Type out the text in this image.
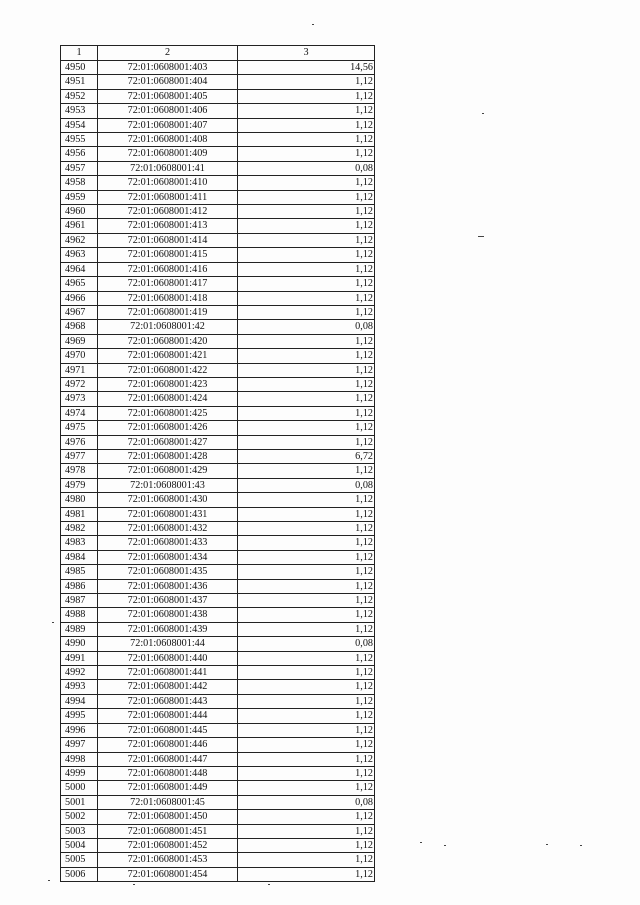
1	2	3
4950	72:01:0608001:403	14,56
4951	72:01:0608001:404	1,12
4952	72:01:0608001:405	1,12
4953	72:01:0608001:406	1,12
4954	72:01:0608001:407	1,12
4955	72:01:0608001:408	1,12
4956	72:01:0608001:409	1,12
4957	72:01:0608001:41	0,08
4958	72:01:0608001:410	1,12
4959	72:01:0608001:411	1,12
4960	72:01:0608001:412	1,12
4961	72:01:0608001:413	1,12
4962	72:01:0608001:414	1,12
4963	72:01:0608001:415	1,12
4964	72:01:0608001:416	1,12
4965	72:01:0608001:417	1,12
4966	72:01:0608001:418	1,12
4967	72:01:0608001:419	1,12
4968	72:01:0608001:42	0,08
4969	72:01:0608001:420	1,12
4970	72:01:0608001:421	1,12
4971	72:01:0608001:422	1,12
4972	72:01:0608001:423	1,12
4973	72:01:0608001:424	1,12
4974	72:01:0608001:425	1,12
4975	72:01:0608001:426	1,12
4976	72:01:0608001:427	1,12
4977	72:01:0608001:428	6,72
4978	72:01:0608001:429	1,12
4979	72:01:0608001:43	0,08
4980	72:01:0608001:430	1,12
4981	72:01:0608001:431	1,12
4982	72:01:0608001:432	1,12
4983	72:01:0608001:433	1,12
4984	72:01:0608001:434	1,12
4985	72:01:0608001:435	1,12
4986	72:01:0608001:436	1,12
4987	72:01:0608001:437	1,12
4988	72:01:0608001:438	1,12
4989	72:01:0608001:439	1,12
4990	72:01:0608001:44	0,08
4991	72:01:0608001:440	1,12
4992	72:01:0608001:441	1,12
4993	72:01:0608001:442	1,12
4994	72:01:0608001:443	1,12
4995	72:01:0608001:444	1,12
4996	72:01:0608001:445	1,12
4997	72:01:0608001:446	1,12
4998	72:01:0608001:447	1,12
4999	72:01:0608001:448	1,12
5000	72:01:0608001:449	1,12
5001	72:01:0608001:45	0,08
5002	72:01:0608001:450	1,12
5003	72:01:0608001:451	1,12
5004	72:01:0608001:452	1,12
5005	72:01:0608001:453	1,12
5006	72:01:0608001:454	1,12
